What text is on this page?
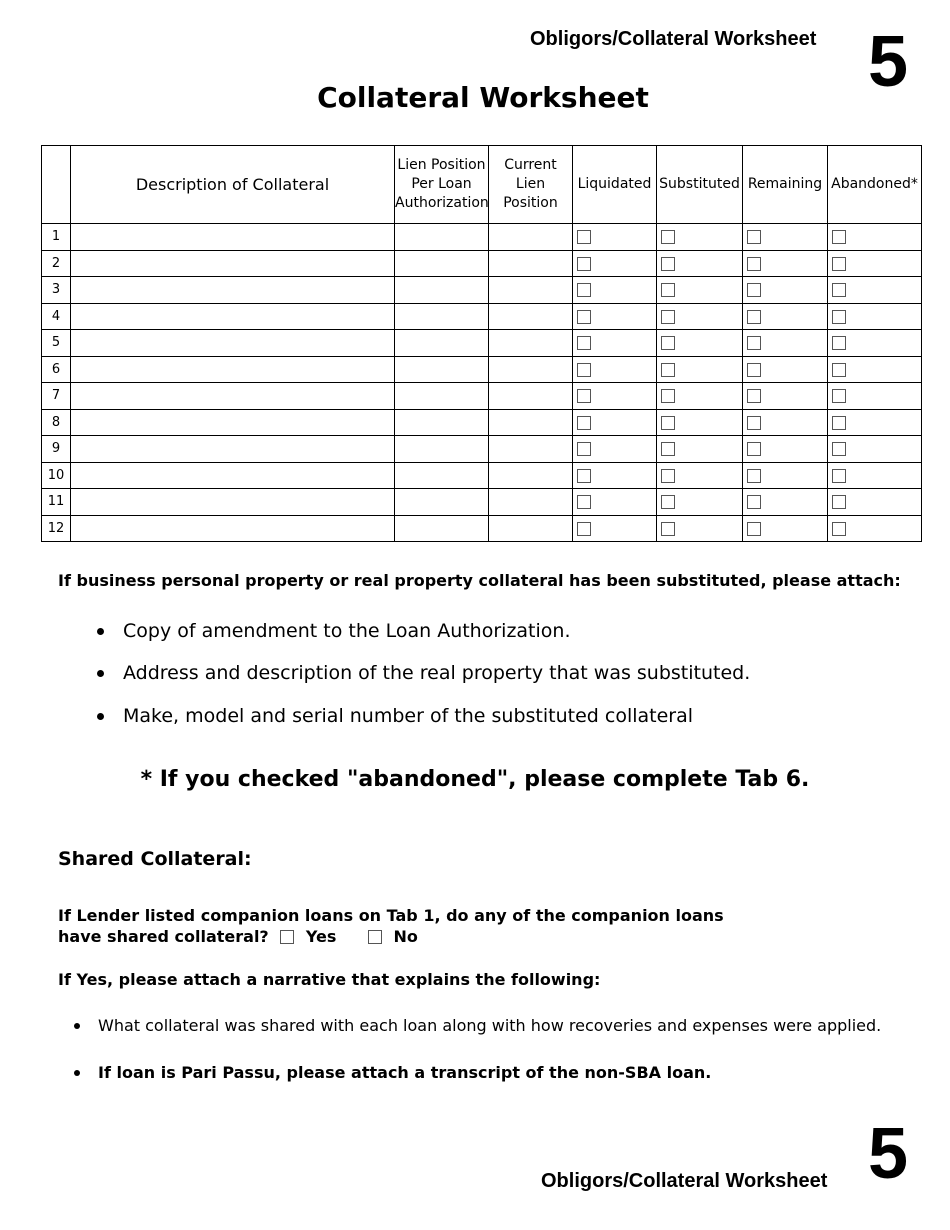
Obligors/Collateral Worksheet 5
Collateral Worksheet
	Description of Collateral	Lien Position Per Loan Authorization	Current Lien Position	Liquidated	Substituted	Remaining	Abandoned*
1				

2				

3				

4				

5				

6				

7				

8				

9				

10				

11				

12				

If business personal property or real property collateral has been substituted, please attach:
Copy of amendment to the Loan Authorization.
Address and description of the real property that was substituted.
Make, model and serial number of the substituted collateral
* If you checked "abandoned", please complete Tab 6.
Shared Collateral:
If Lender listed companion loans on Tab 1, do any of the companion loans
have shared collateral? Yes	No
If Yes, please attach a narrative that explains the following:
What collateral was shared with each loan along with how recoveries and expenses were applied.
If loan is Pari Passu, please attach a transcript of the non-SBA loan.
Obligors/Collateral Worksheet 5
